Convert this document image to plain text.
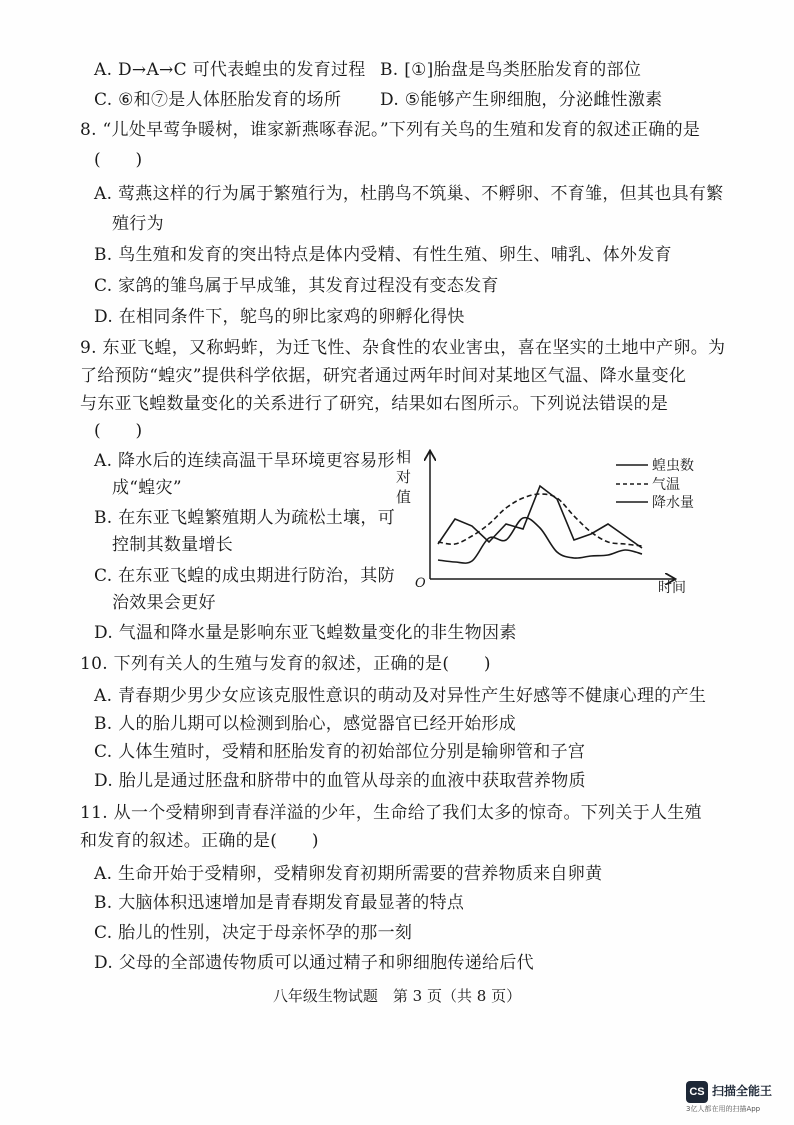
A. D→A→C 可代表蝗虫的发育过程 B. [①]胎盘是鸟类胚胎发育的部位
C. ⑥和⑦是人体胚胎发育的场所 D. ⑤能够产生卵细胞，分泌雌性激素
8. “儿处早莺争暖树，谁家新燕啄春泥。”下列有关鸟的生殖和发育的叙述正确的是
(　　)
A. 莺燕这样的行为属于繁殖行为，杜鹃鸟不筑巢、不孵卵、不育雏，但其也具有繁
殖行为
B. 鸟生殖和发育的突出特点是体内受精、有性生殖、卵生、哺乳、体外发育
C. 家鸽的雏鸟属于早成雏，其发育过程没有变态发育
D. 在相同条件下，鸵鸟的卵比家鸡的卵孵化得快
9. 东亚飞蝗，又称蚂蚱，为迁飞性、杂食性的农业害虫，喜在坚实的土地中产卵。为
了给预防“蝗灾”提供科学依据，研究者通过两年时间对某地区气温、降水量变化
与东亚飞蝗数量变化的关系进行了研究，结果如右图所示。下列说法错误的是
(　　)
A. 降水后的连续高温干旱环境更容易形
成“蝗灾”
B. 在东亚飞蝗繁殖期人为疏松土壤，可
控制其数量增长
C. 在东亚飞蝗的成虫期进行防治，其防
治效果会更好
D. 气温和降水量是影响东亚飞蝗数量变化的非生物因素
相
对
值
时间
O
蝗虫数
气温
降水量
10. 下列有关人的生殖与发育的叙述，正确的是(　　)
A. 青春期少男少女应该克服性意识的萌动及对异性产生好感等不健康心理的产生
B. 人的胎儿期可以检测到胎心，感觉器官已经开始形成
C. 人体生殖时，受精和胚胎发育的初始部位分别是输卵管和子宫
D. 胎儿是通过胚盘和脐带中的血管从母亲的血液中获取营养物质
11. 从一个受精卵到青春洋溢的少年，生命给了我们太多的惊奇。下列关于人生殖
和发育的叙述。正确的是(　　)
A. 生命开始于受精卵，受精卵发育初期所需要的营养物质来自卵黄
B. 大脑体积迅速增加是青春期发育最显著的特点
C. 胎儿的性别，决定于母亲怀孕的那一刻
D. 父母的全部遗传物质可以通过精子和卵细胞传递给后代
八年级生物试题　第 3 页（共 8 页）
CS 扫描全能王
3亿人都在用的扫描App
